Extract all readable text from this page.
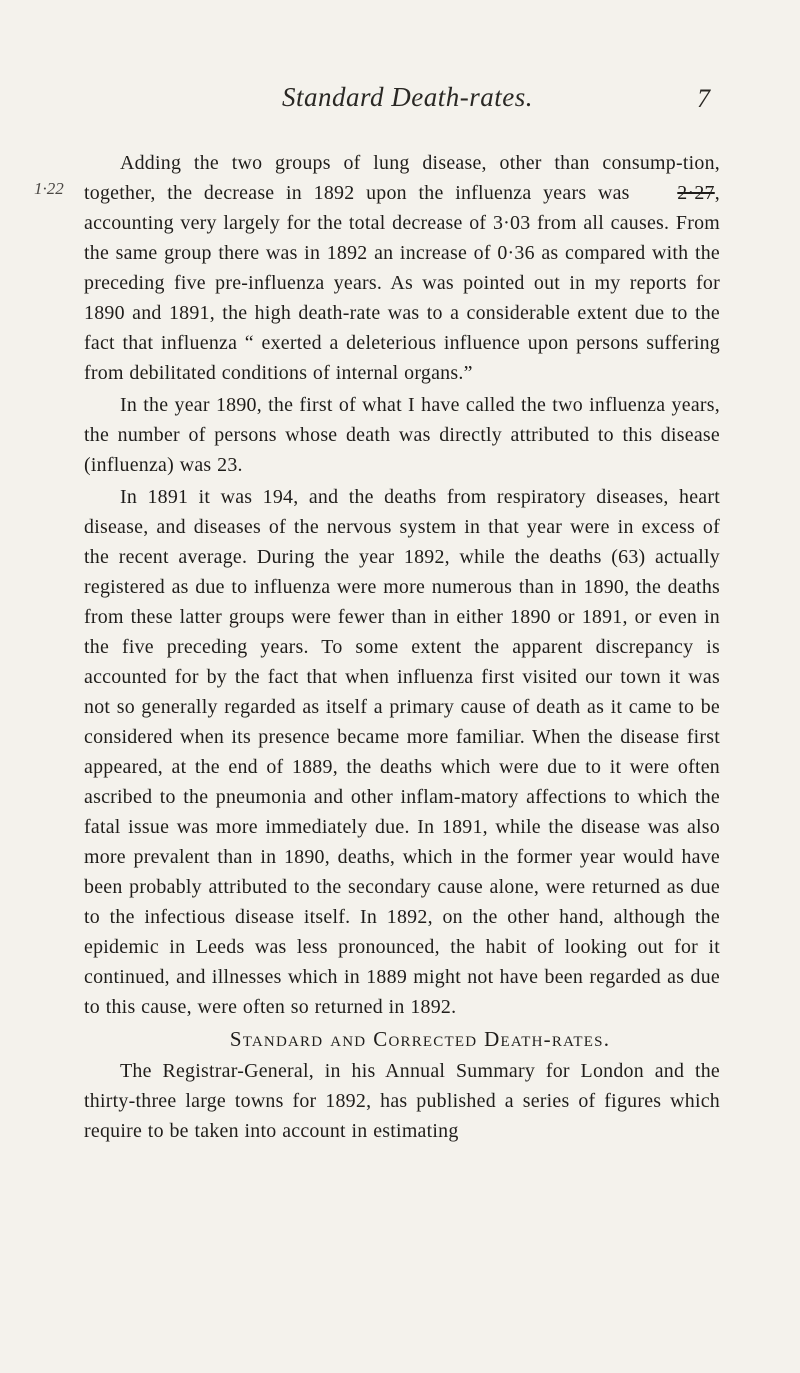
Standard Death-rates.	7
1·22

Adding the two groups of lung disease, other than consump-tion, together, the decrease in 1892 upon the influenza years was 2·27, accounting very largely for the total decrease of 3·03 from all causes. From the same group there was in 1892 an increase of 0·36 as compared with the preceding five pre-influenza years. As was pointed out in my reports for 1890 and 1891, the high death-rate was to a considerable extent due to the fact that influenza “ exerted a deleterious influence upon persons suffering from debilitated conditions of internal organs.”

In the year 1890, the first of what I have called the two influenza years, the number of persons whose death was directly attributed to this disease (influenza) was 23.

In 1891 it was 194, and the deaths from respiratory diseases, heart disease, and diseases of the nervous system in that year were in excess of the recent average. During the year 1892, while the deaths (63) actually registered as due to influenza were more numerous than in 1890, the deaths from these latter groups were fewer than in either 1890 or 1891, or even in the five preceding years. To some extent the apparent discrepancy is accounted for by the fact that when influenza first visited our town it was not so generally regarded as itself a primary cause of death as it came to be considered when its presence became more familiar. When the disease first appeared, at the end of 1889, the deaths which were due to it were often ascribed to the pneumonia and other inflam-matory affections to which the fatal issue was more immediately due. In 1891, while the disease was also more prevalent than in 1890, deaths, which in the former year would have been probably attributed to the secondary cause alone, were returned as due to the infectious disease itself. In 1892, on the other hand, although the epidemic in Leeds was less pronounced, the habit of looking out for it continued, and illnesses which in 1889 might not have been regarded as due to this cause, were often so returned in 1892.

Standard and Corrected Death-rates.

The Registrar-General, in his Annual Summary for London and the thirty-three large towns for 1892, has published a series of figures which require to be taken into account in estimating
